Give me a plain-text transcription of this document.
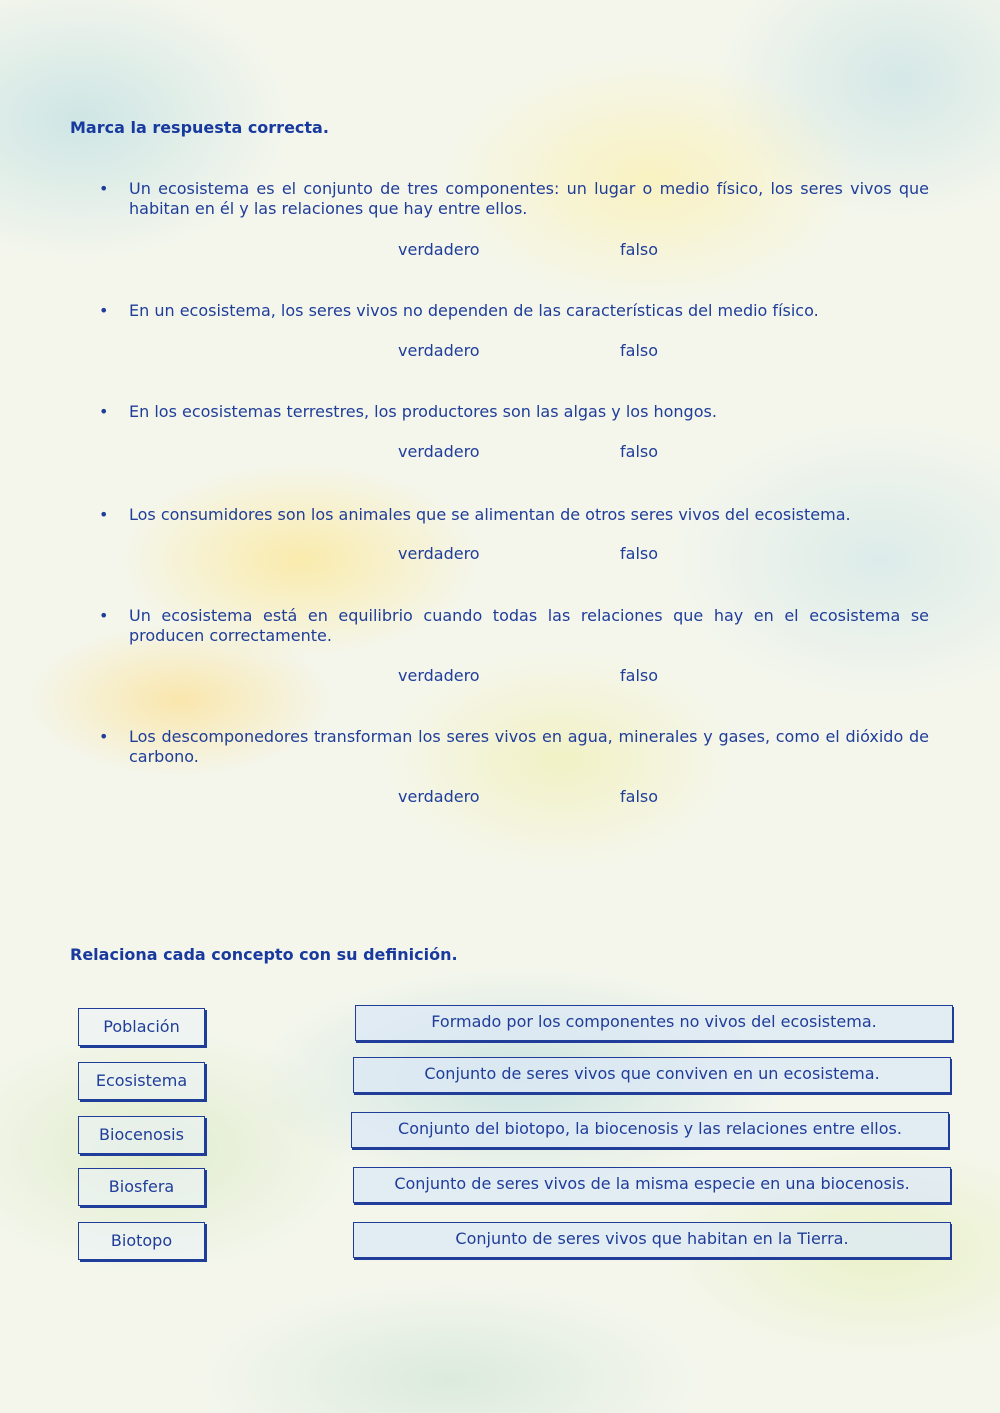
Marca la respuesta correcta.
• Un ecosistema es el conjunto de tres componentes: un lugar o medio físico, los seres vivos que habitan en él y las relaciones que hay entre ellos.
verdadero	falso
• En un ecosistema, los seres vivos no dependen de las características del medio físico.
verdadero	falso
• En los ecosistemas terrestres, los productores son las algas y los hongos.
verdadero	falso
• Los consumidores son los animales que se alimentan de otros seres vivos del ecosistema.
verdadero	falso
• Un ecosistema está en equilibrio cuando todas las relaciones que hay en el ecosistema se producen correctamente.
verdadero	falso
• Los descomponedores transforman los seres vivos en agua, minerales y gases, como el dióxido de carbono.
verdadero	falso
Relaciona cada concepto con su definición.
Población
Ecosistema
Biocenosis
Biosfera
Biotopo
Formado por los componentes no vivos del ecosistema.
Conjunto de seres vivos que conviven en un ecosistema.
Conjunto del biotopo, la biocenosis y las relaciones entre ellos.
Conjunto de seres vivos de la misma especie en una biocenosis.
Conjunto de seres vivos que habitan en la Tierra.
